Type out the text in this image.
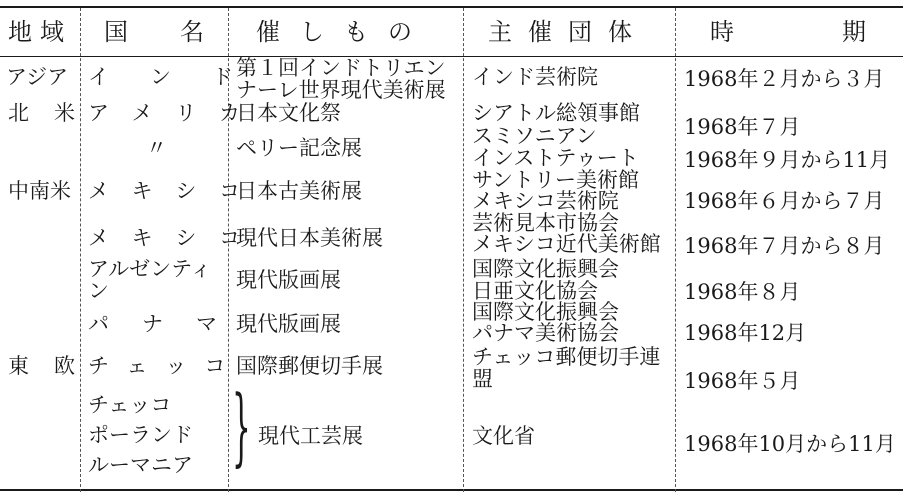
地域 国　名 催しもの 主催団体	時　　期
アジア
北　米
中南米
東　欧
イ　ン　ド
ア メ リ カ
〃
メ キ シ コ
メ キ シ コ
アルゼンティ
ン
パ　ナ　マ
チェッコ
チェッコ
ポーランド
ルーマニア
第１回インドトリエン
ナーレ世界現代美術展
日本文化祭
ペリー記念展
日本古美術展
現代日本美術展
現代版画展
現代版画展
国際郵便切手展
} 現代工芸展
インド芸術院
シアトル総領事館
スミソニアン
インストテゥート
サントリー美術館
メキシコ芸術院
芸術見本市協会
メキシコ近代美術館
国際文化振興会
日亜文化協会
国際文化振興会
パナマ美術協会
チェッコ郵便切手連
盟
文化省
1968年２月から３月
1968年７月
1968年９月から11月
1968年６月から７月
1968年７月から８月
1968年８月
1968年12月
1968年５月
1968年10月から11月
